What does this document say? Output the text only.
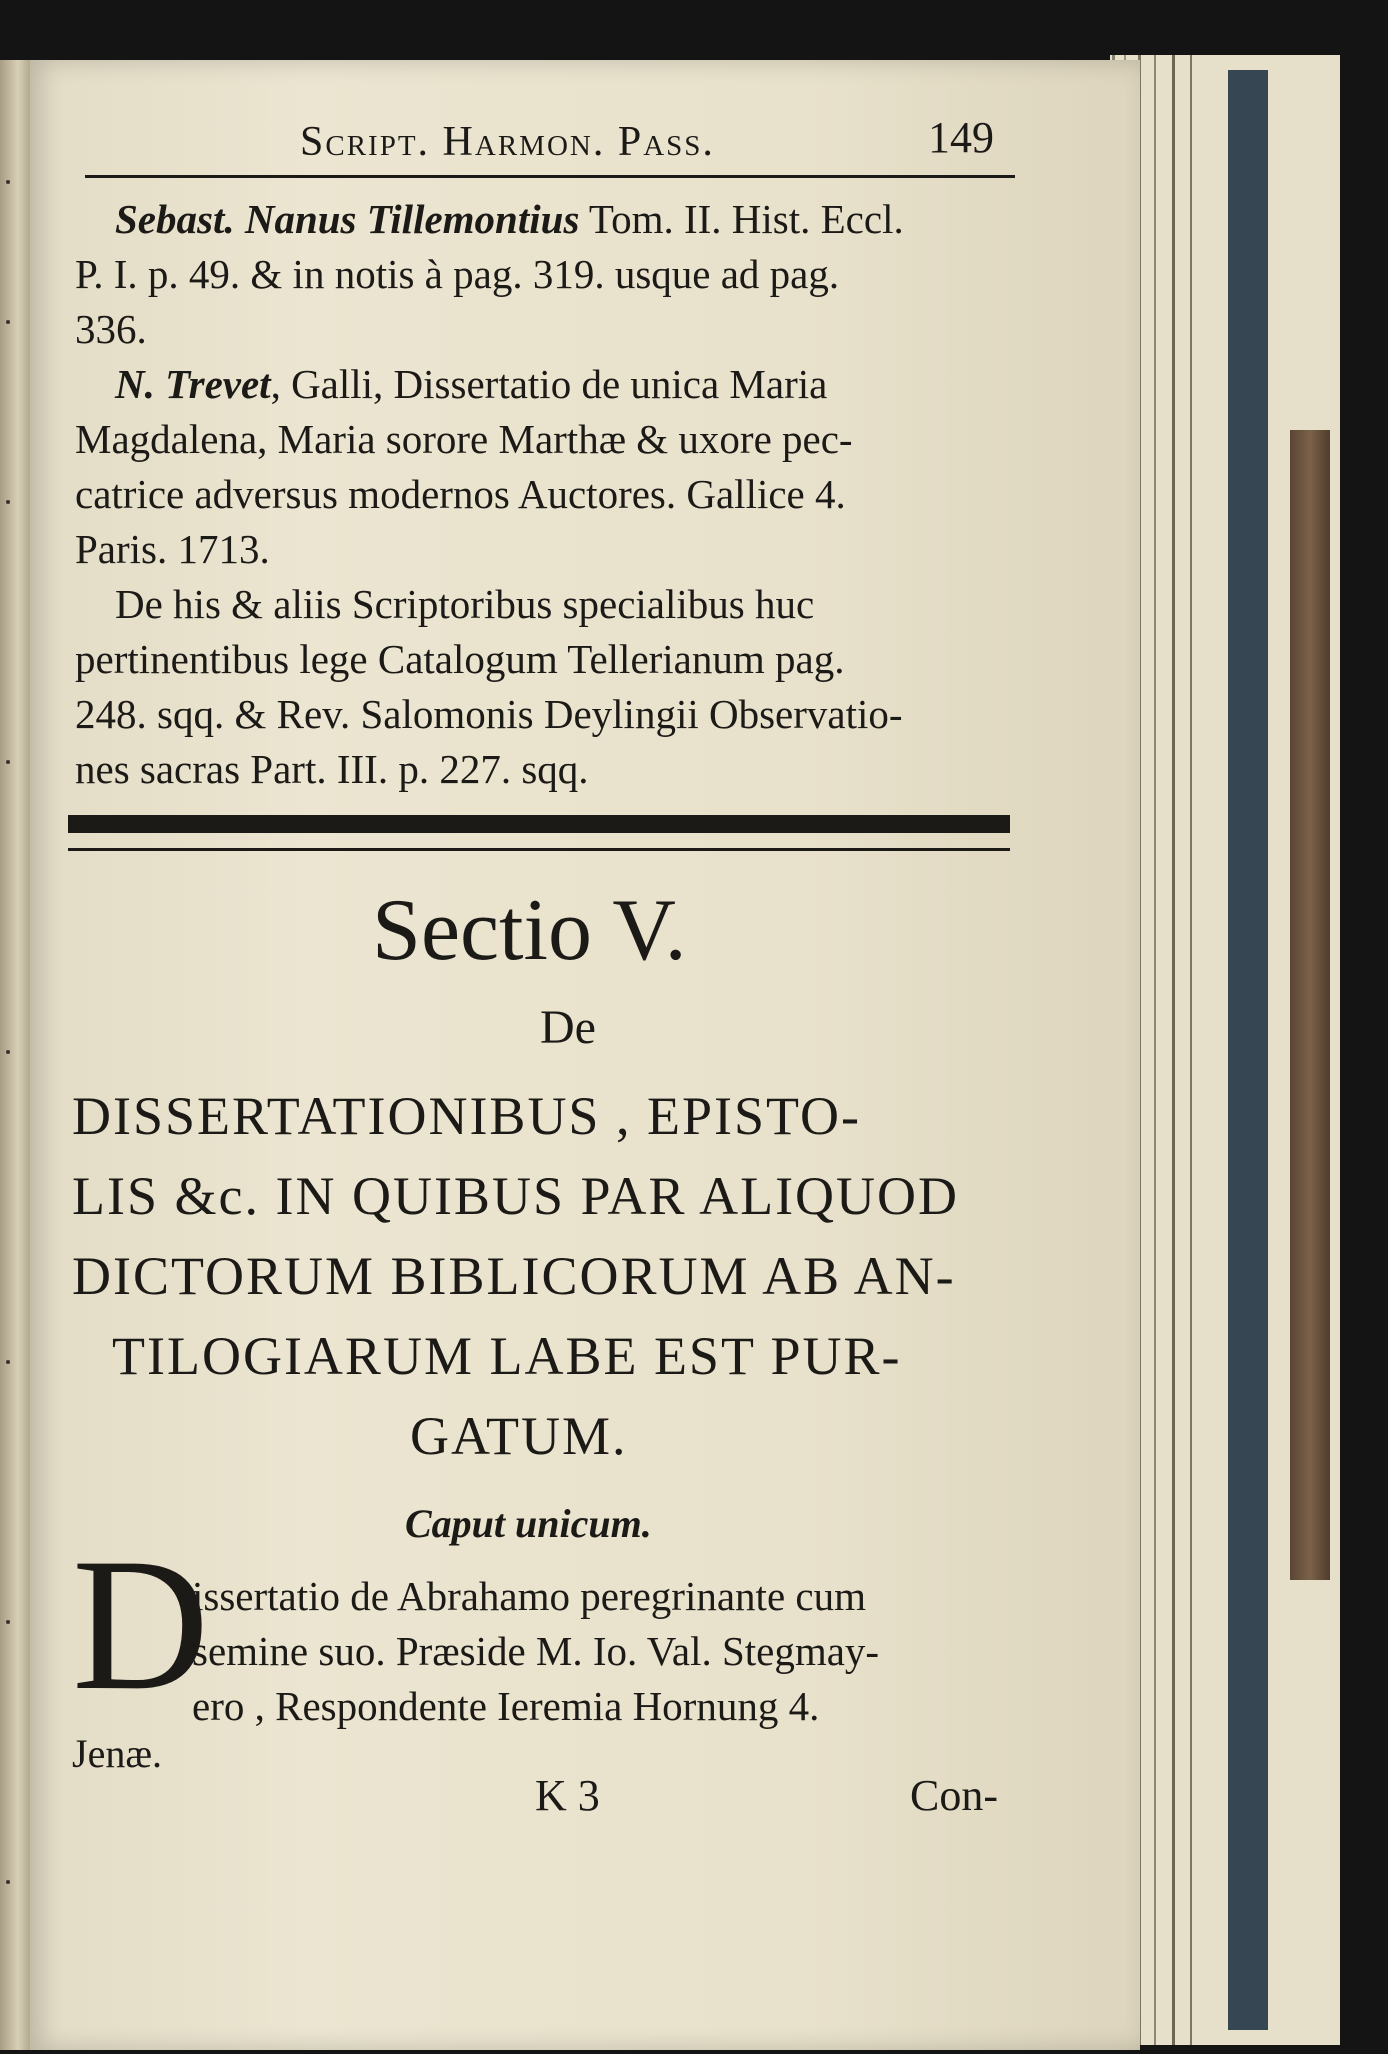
Script. Harmon. Pass.	149
Sebast. Nanus Tillemontius Tom. II. Hist. Eccl.
P. I. p. 49. & in notis à pag. 319. usque ad pag.
336.
N. Trevet, Galli, Dissertatio de unica Maria
Magdalena, Maria sorore Marthæ & uxore pec-
catrice adversus modernos Auctores. Gallice 4.
Paris. 1713.
De his & aliis Scriptoribus specialibus huc
pertinentibus lege Catalogum Tellerianum pag.
248. sqq. & Rev. Salomonis Deylingii Observatio-
nes sacras Part. III. p. 227. sqq.
Sectio V.
De
DISSERTATIONIBUS , EPISTO-
LIS &c. IN QUIBUS PAR ALIQUOD
DICTORUM BIBLICORUM AB AN-
TILOGIARUM LABE EST PUR-
GATUM.
Caput unicum.
D
issertatio de Abrahamo peregrinante cum
semine suo. Præside M. Io. Val. Stegmay-
ero , Respondente Ieremia Hornung 4.
Jenæ.
K 3	Con-
